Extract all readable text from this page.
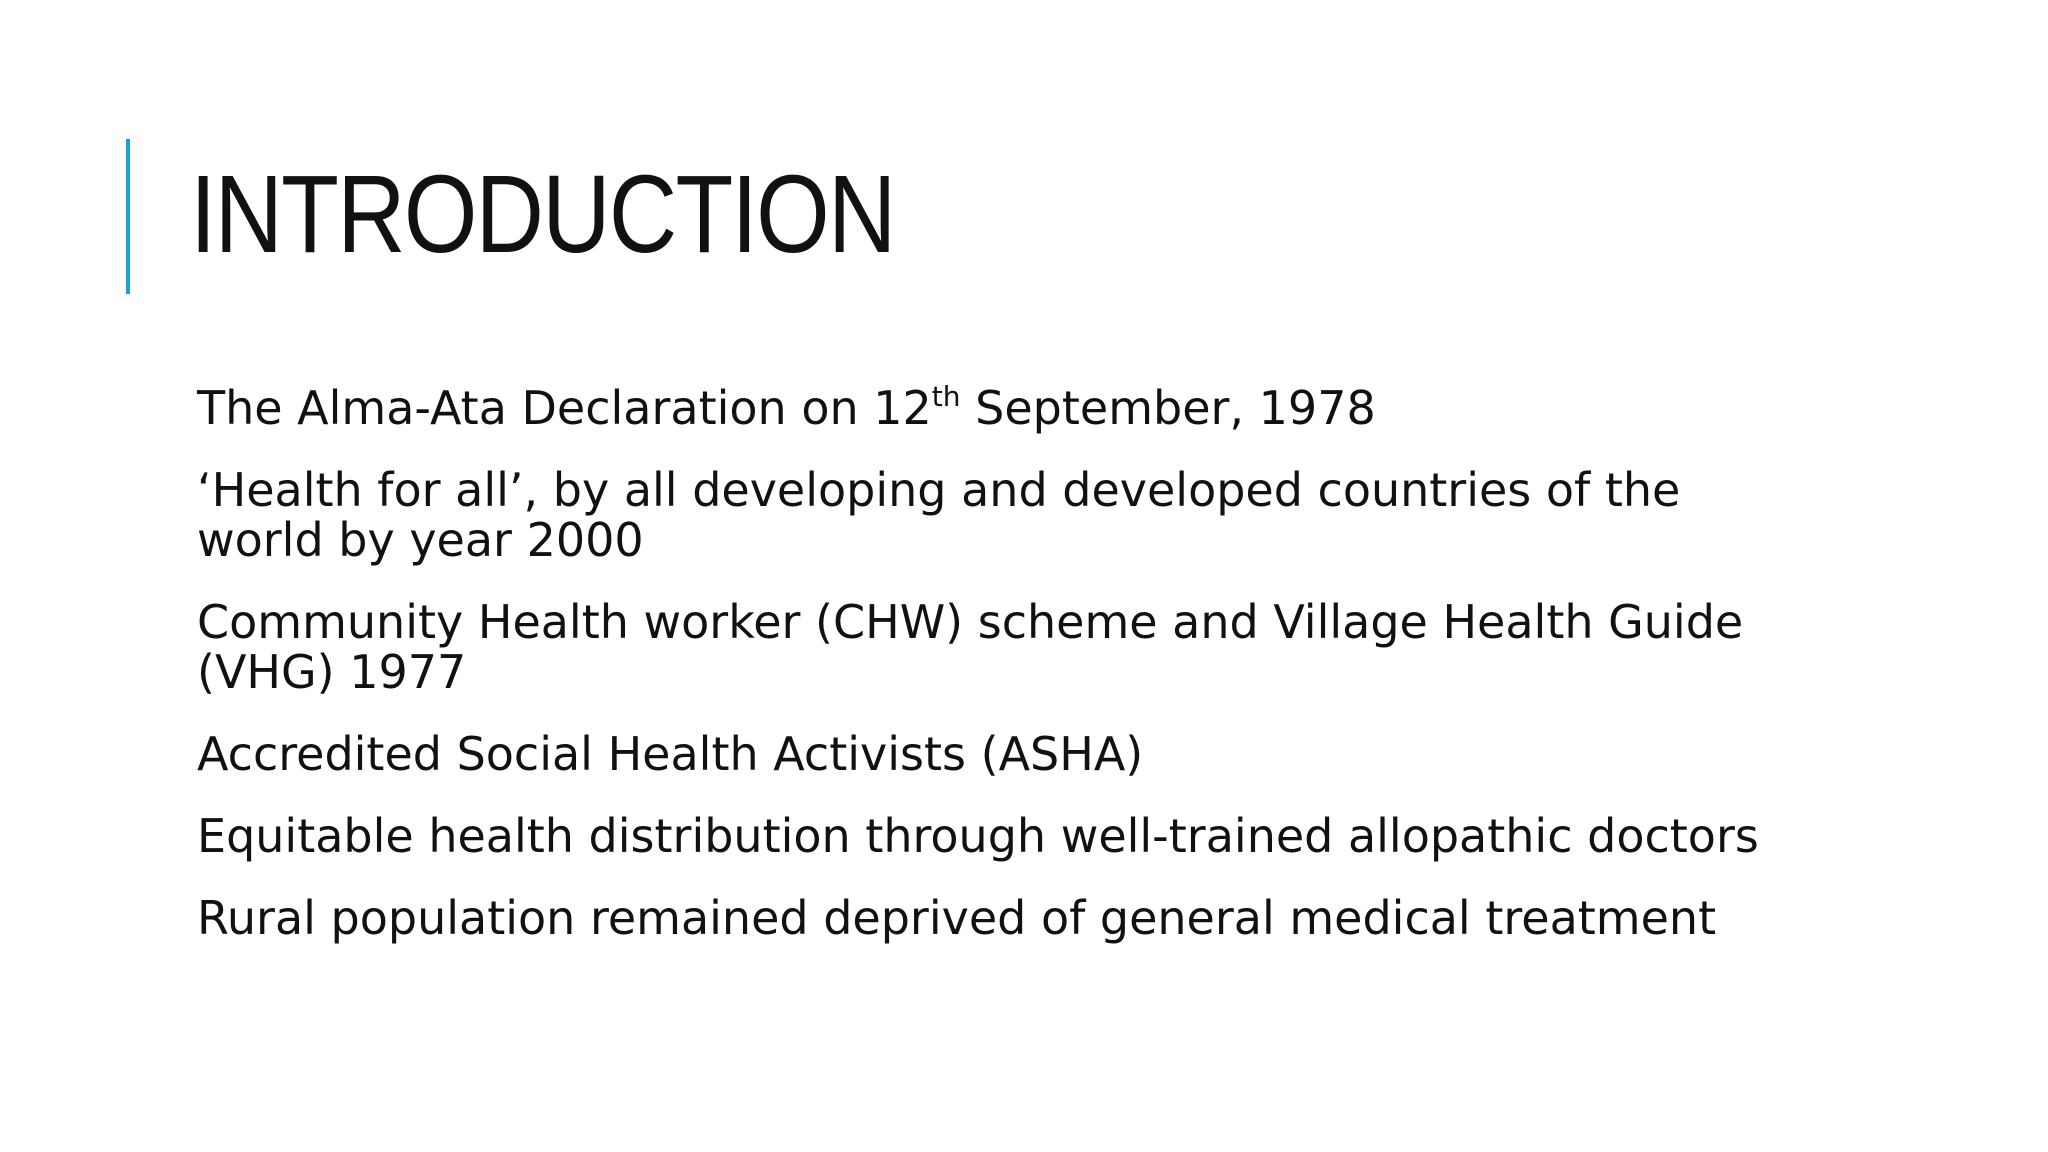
INTRODUCTION
The Alma-Ata Declaration on 12th September, 1978
‘Health for all’, by all developing and developed countries of the world by year 2000
Community Health worker (CHW) scheme and Village Health Guide (VHG) 1977
Accredited Social Health Activists (ASHA)
Equitable health distribution through well-trained allopathic doctors
Rural population remained deprived of general medical treatment
